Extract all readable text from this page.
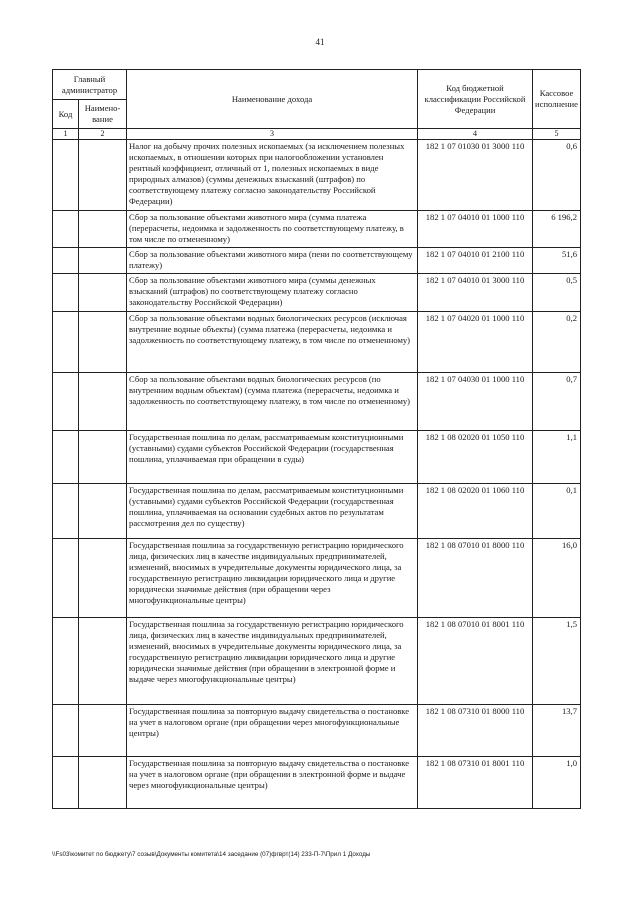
41
Главный администратор		Наименование дохода	Код бюджетной классификации Российской Федерации	Кассовое исполнение
Код	Наимено-вание			
1	2	3	4	5
		Налог на добычу прочих полезных ископаемых (за исключением полезных ископаемых, в отношении которых при налогообложении установлен рентный коэффициент, отличный от 1, полезных ископаемых в виде природных алмазов) (суммы денежных взысканий (штрафов) по соответствующему платежу согласно законодательству Российской Федерации)	182 1 07 01030 01 3000 110	0,6
		Сбор за пользование объектами животного мира (сумма платежа (перерасчеты, недоимка и задолженность по соответствующему платежу, в том числе по отмененному)	182 1 07 04010 01 1000 110	6 196,2
		Сбор за пользование объектами животного мира (пени по соответствующему платежу)	182 1 07 04010 01 2100 110	51,6
		Сбор за пользование объектами животного мира (суммы денежных взысканий (штрафов) по соответствующему платежу согласно законодательству Российской Федерации)	182 1 07 04010 01 3000 110	0,5
		Сбор за пользование объектами водных биологических ресурсов (исключая внутренние водные объекты) (сумма платежа (перерасчеты, недоимка и задолженность по соответствующему платежу, в том числе по отмененному)	182 1 07 04020 01 1000 110	0,2
		Сбор за пользование объектами водных биологических ресурсов (по внутренним водным объектам) (сумма платежа (перерасчеты, недоимка и задолженность по соответствующему платежу, в том числе по отмененному)	182 1 07 04030 01 1000 110	0,7
		Государственная пошлина по делам, рассматриваемым конституционными (уставными) судами субъектов Российской Федерации (государственная пошлина, уплачиваемая при обращении в суды)	182 1 08 02020 01 1050 110	1,1
		Государственная пошлина по делам, рассматриваемым конституционными (уставными) судами субъектов Российской Федерации (государственная пошлина, уплачиваемая на основании судебных актов по результатам рассмотрения дел по существу)	182 1 08 02020 01 1060 110	0,1
		Государственная пошлина за государственную регистрацию юридического лица, физических лиц в качестве индивидуальных предпринимателей, изменений, вносимых в учредительные документы юридического лица, за государственную регистрацию ликвидации юридического лица и другие юридически значимые действия (при обращении через многофункциональные центры)	182 1 08 07010 01 8000 110	16,0
		Государственная пошлина за государственную регистрацию юридического лица, физических лиц в качестве индивидуальных предпринимателей, изменений, вносимых в учредительные документы юридического лица, за государственную регистрацию ликвидации юридического лица и другие юридически значимые действия (при обращении в электронной форме и выдаче через многофункциональные центры)	182 1 08 07010 01 8001 110	1,5
		Государственная пошлина за повторную выдачу свидетельства о постановке на учет в налоговом органе (при обращении через многофункциональные центры)	182 1 08 07310 01 8000 110	13,7
		Государственная пошлина за повторную выдачу свидетельства о постановке на учет в налоговом органе (при обращении в электронной форме и выдаче через многофункциональные центры)	182 1 08 07310 01 8001 110	1,0
\\Fs03\комитет по бюджету\7 созыв\Документы комитета\14 заседание (07)фгврт(14) 233-П-7\Прил 1 Доходы
